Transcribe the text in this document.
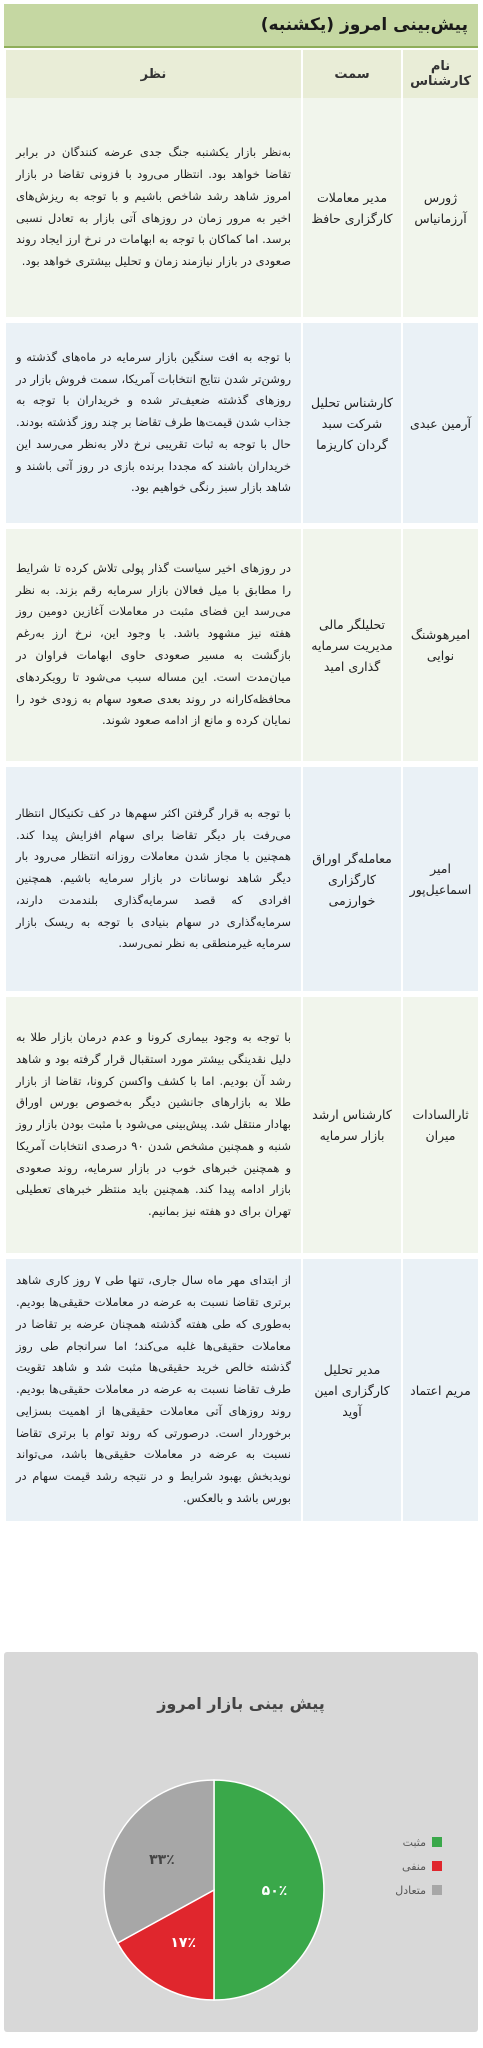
پیش‌بینی امروز (یکشنبه)
نام کارشناس	سمت	نظر
ژورس آرزمانیاس	مدیر معاملات کارگزاری حافظ	به‌نظر بازار یکشنبه جنگ جدی عرضه کنندگان در برابر تقاضا خواهد بود. انتظار می‌رود با فزونی تقاضا در بازار امروز شاهد رشد شاخص باشیم و با توجه به ریزش‌های اخیر به مرور زمان در روزهای آتی بازار به تعادل نسبی برسد. اما کماکان با توجه به ابهامات در نرخ ارز ایجاد روند صعودی در بازار نیازمند زمان و تحلیل بیشتری خواهد بود.
آرمین عبدی	کارشناس تحلیل شرکت سبد گردان کاریزما	با توجه به افت سنگین بازار سرمایه در ماه‌های گذشته و روشن‌تر شدن نتایج انتخابات آمریکا، سمت فروش بازار در روزهای گذشته ضعیف‌تر شده و خریداران با توجه به جذاب شدن قیمت‌ها طرف تقاضا بر چند روز گذشته بودند. حال با توجه به ثبات تقریبی نرخ دلار به‌نظر می‌رسد این خریداران باشند که مجددا برنده بازی در روز آتی باشند و شاهد بازار سبز رنگی خواهیم بود.
امیرهوشنگ نوایی	تحلیلگر مالی مدیریت سرمایه گذاری امید	در روزهای اخیر سیاست گذار پولی تلاش کرده تا شرایط را مطابق با میل فعالان بازار سرمایه رقم بزند. به نظر می‌رسد این فضای مثبت در معاملات آغازین دومین روز هفته نیز مشهود باشد. با وجود این، نرخ ارز به‌رغم بازگشت به مسیر صعودی حاوی ابهامات فراوان در میان‌مدت است. این مساله سبب می‌شود تا رویکردهای محافظه‌کارانه در روند بعدی صعود سهام به زودی خود را نمایان کرده و مانع از ادامه صعود شوند.
امیر اسماعیل‌پور	معامله‌گر اوراق کارگزاری خوارزمی	با توجه به قرار گرفتن اکثر سهم‌ها در کف تکنیکال انتظار می‌رفت بار دیگر تقاضا برای سهام افزایش پیدا کند. همچنین با مجاز شدن معاملات روزانه انتظار می‌رود بار دیگر شاهد نوسانات در بازار سرمایه باشیم. همچنین افرادی که قصد سرمایه‌گذاری بلندمدت دارند، سرمایه‌گذاری در سهام بنیادی با توجه به ریسک بازار سرمایه غیرمنطقی به نظر نمی‌رسد.
ثارالسادات میران	کارشناس ارشد بازار سرمایه	با توجه به وجود بیماری کرونا و عدم درمان بازار طلا به دلیل نقدینگی بیشتر مورد استقبال قرار گرفته بود و شاهد رشد آن بودیم. اما با کشف واکسن کرونا، تقاضا از بازار طلا به بازارهای جانشین دیگر به‌خصوص بورس اوراق بهادار منتقل شد. پیش‌بینی می‌شود با مثبت بودن بازار روز شنبه و همچنین مشخص شدن ۹۰ درصدی انتخابات آمریکا و همچنین خبرهای خوب در بازار سرمایه، روند صعودی بازار ادامه پیدا کند. همچنین باید منتظر خبرهای تعطیلی تهران برای دو هفته نیز بمانیم.
مریم اعتماد	مدیر تحلیل کارگزاری امین آوید	از ابتدای مهر ماه سال جاری، تنها طی ۷ روز کاری شاهد برتری تقاضا نسبت به عرضه در معاملات حقیقی‌ها بودیم. به‌طوری که طی هفته گذشته همچنان عرضه بر تقاضا در معاملات حقیقی‌ها غلبه می‌کند؛ اما سرانجام طی روز گذشته خالص خرید حقیقی‌ها مثبت شد و شاهد تقویت طرف تقاضا نسبت به عرضه در معاملات حقیقی‌ها بودیم. روند روزهای آتی معاملات حقیقی‌ها از اهمیت بسزایی برخوردار است. درصورتی که روند توام با برتری تقاضا نسبت به عرضه در معاملات حقیقی‌ها باشد، می‌تواند نوید‌بخش بهبود شرایط و در نتیجه رشد قیمت سهام در بورس باشد و بالعکس.
۵۰٪
۱۷٪
۳۳٪
پیش بینی بازار امروز
مثبت
منفی
متعادل
